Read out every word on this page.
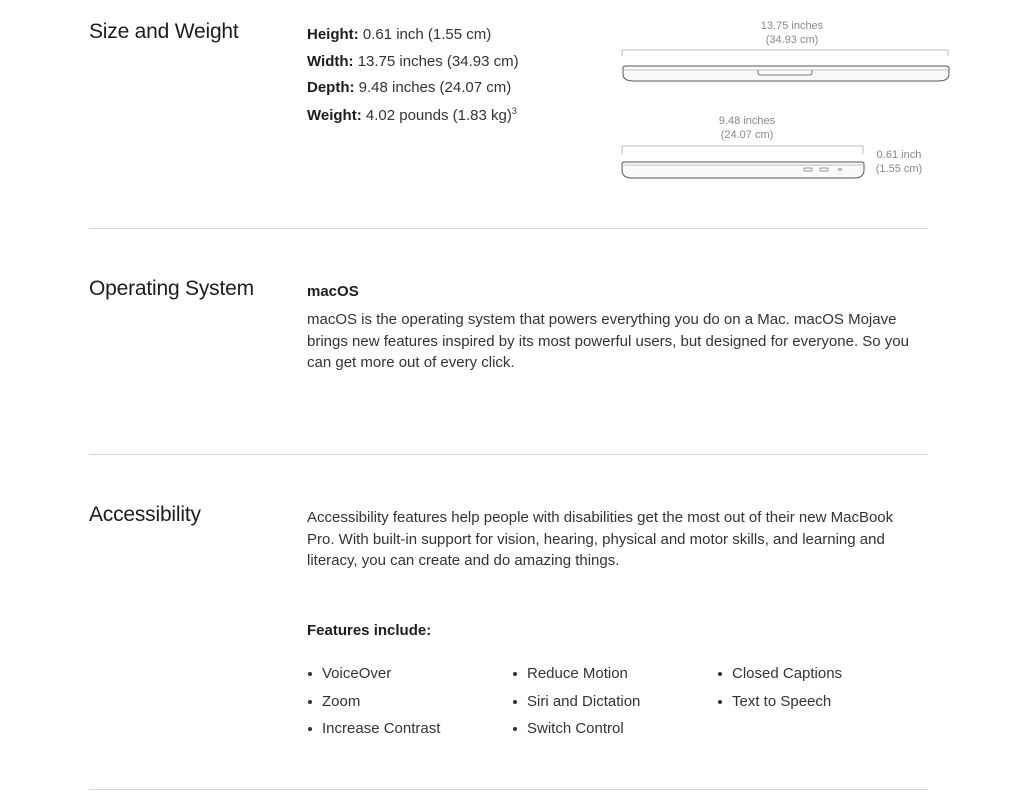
Size and Weight	Height: 0.61 inch (1.55 cm)
Width: 13.75 inches (34.93 cm)
Depth: 9.48 inches (24.07 cm)
Weight: 4.02 pounds (1.83 kg)$^3$
13.75 inches
(34.93 cm)
9.48 inches
(24.07 cm)
0.61 inch
(1.55 cm)
Operating System	macOS

macOS is the operating system that powers everything you do on a Mac. macOS Mojave brings new features inspired by its most powerful users, but designed for everyone. So you can get more out of every click.

Accessibility	Accessibility features help people with disabilities get the most out of their new MacBook Pro. With built-in support for vision, hearing, physical and motor skills, and learning and literacy, you can create and do amazing things.

Features include:
VoiceOver
Zoom
Increase Contrast
Reduce Motion
Siri and Dictation
Switch Control
Closed Captions
Text to Speech
